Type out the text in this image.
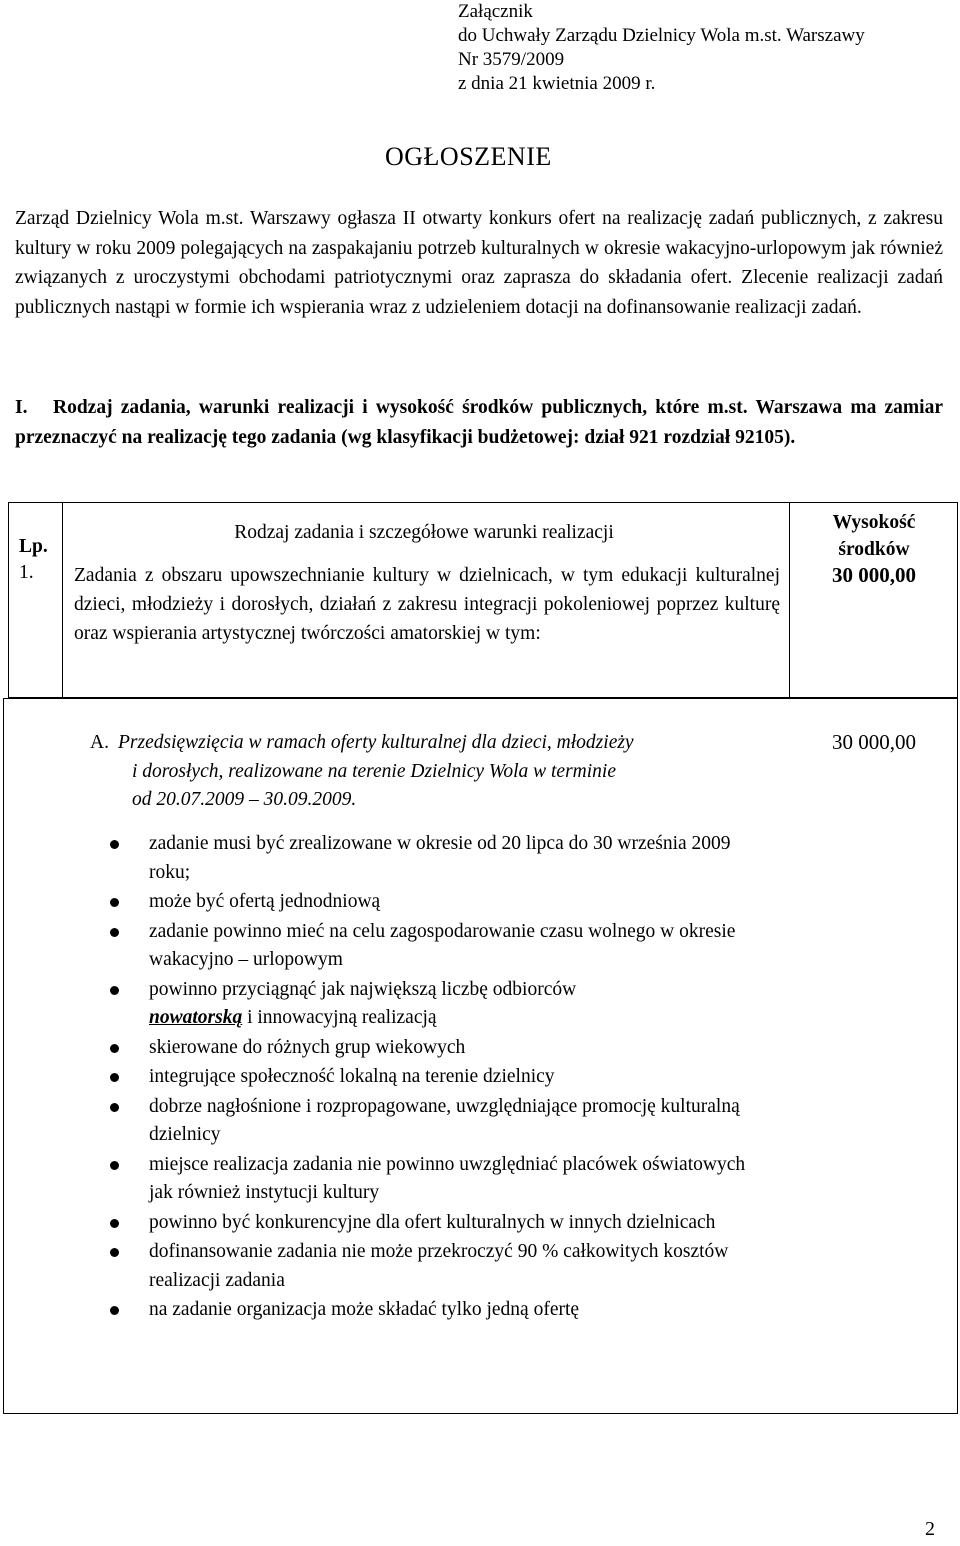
Załącznik
do Uchwały Zarządu Dzielnicy Wola m.st. Warszawy
Nr 3579/2009
z dnia 21 kwietnia 2009 r.
OGŁOSZENIE
Zarząd Dzielnicy Wola m.st. Warszawy ogłasza II otwarty konkurs ofert na realizację zadań publicznych, z zakresu kultury w roku 2009 polegających na zaspakajaniu potrzeb kulturalnych w okresie wakacyjno-urlopowym jak również związanych z uroczystymi obchodami patriotycznymi oraz zaprasza do składania ofert. Zlecenie realizacji zadań publicznych nastąpi w formie ich wspierania wraz z udzieleniem dotacji na dofinansowanie realizacji zadań.
I. Rodzaj zadania, warunki realizacji i wysokość środków publicznych, które m.st. Warszawa ma zamiar przeznaczyć na realizację tego zadania (wg klasyfikacji budżetowej: dział 921 rozdział 92105).
Lp.
Rodzaj zadania i szczegółowe warunki realizacji	Wysokość
środków
1. Zadania z obszaru upowszechnianie kultury w dzielnicach, w tym edukacji kulturalnej dzieci, młodzieży i dorosłych, działań z zakresu integracji pokoleniowej poprzez kulturę oraz wspierania artystycznej twórczości amatorskiej w tym:
30 000,00
A. Przedsięwzięcia w ramach oferty kulturalnej dla dzieci, młodzieży
i dorosłych, realizowane na terenie Dzielnicy Wola w terminie
od 20.07.2009 – 30.09.2009.
30 000,00
zadanie musi być zrealizowane w okresie od 20 lipca do 30 września 2009 roku;
może być ofertą jednodniową
zadanie powinno mieć na celu zagospodarowanie czasu wolnego w okresie wakacyjno – urlopowym
powinno przyciągnąć jak największą liczbę odbiorców
nowatorską i innowacyjną realizacją
skierowane do różnych grup wiekowych
integrujące społeczność lokalną na terenie dzielnicy
dobrze nagłośnione i rozpropagowane, uwzględniające promocję kulturalną dzielnicy
miejsce realizacja zadania nie powinno uwzględniać placówek oświatowych jak również instytucji kultury
powinno być konkurencyjne dla ofert kulturalnych w innych dzielnicach
dofinansowanie zadania nie może przekroczyć 90 % całkowitych kosztów realizacji zadania
na zadanie organizacja może składać tylko jedną ofertę
2
